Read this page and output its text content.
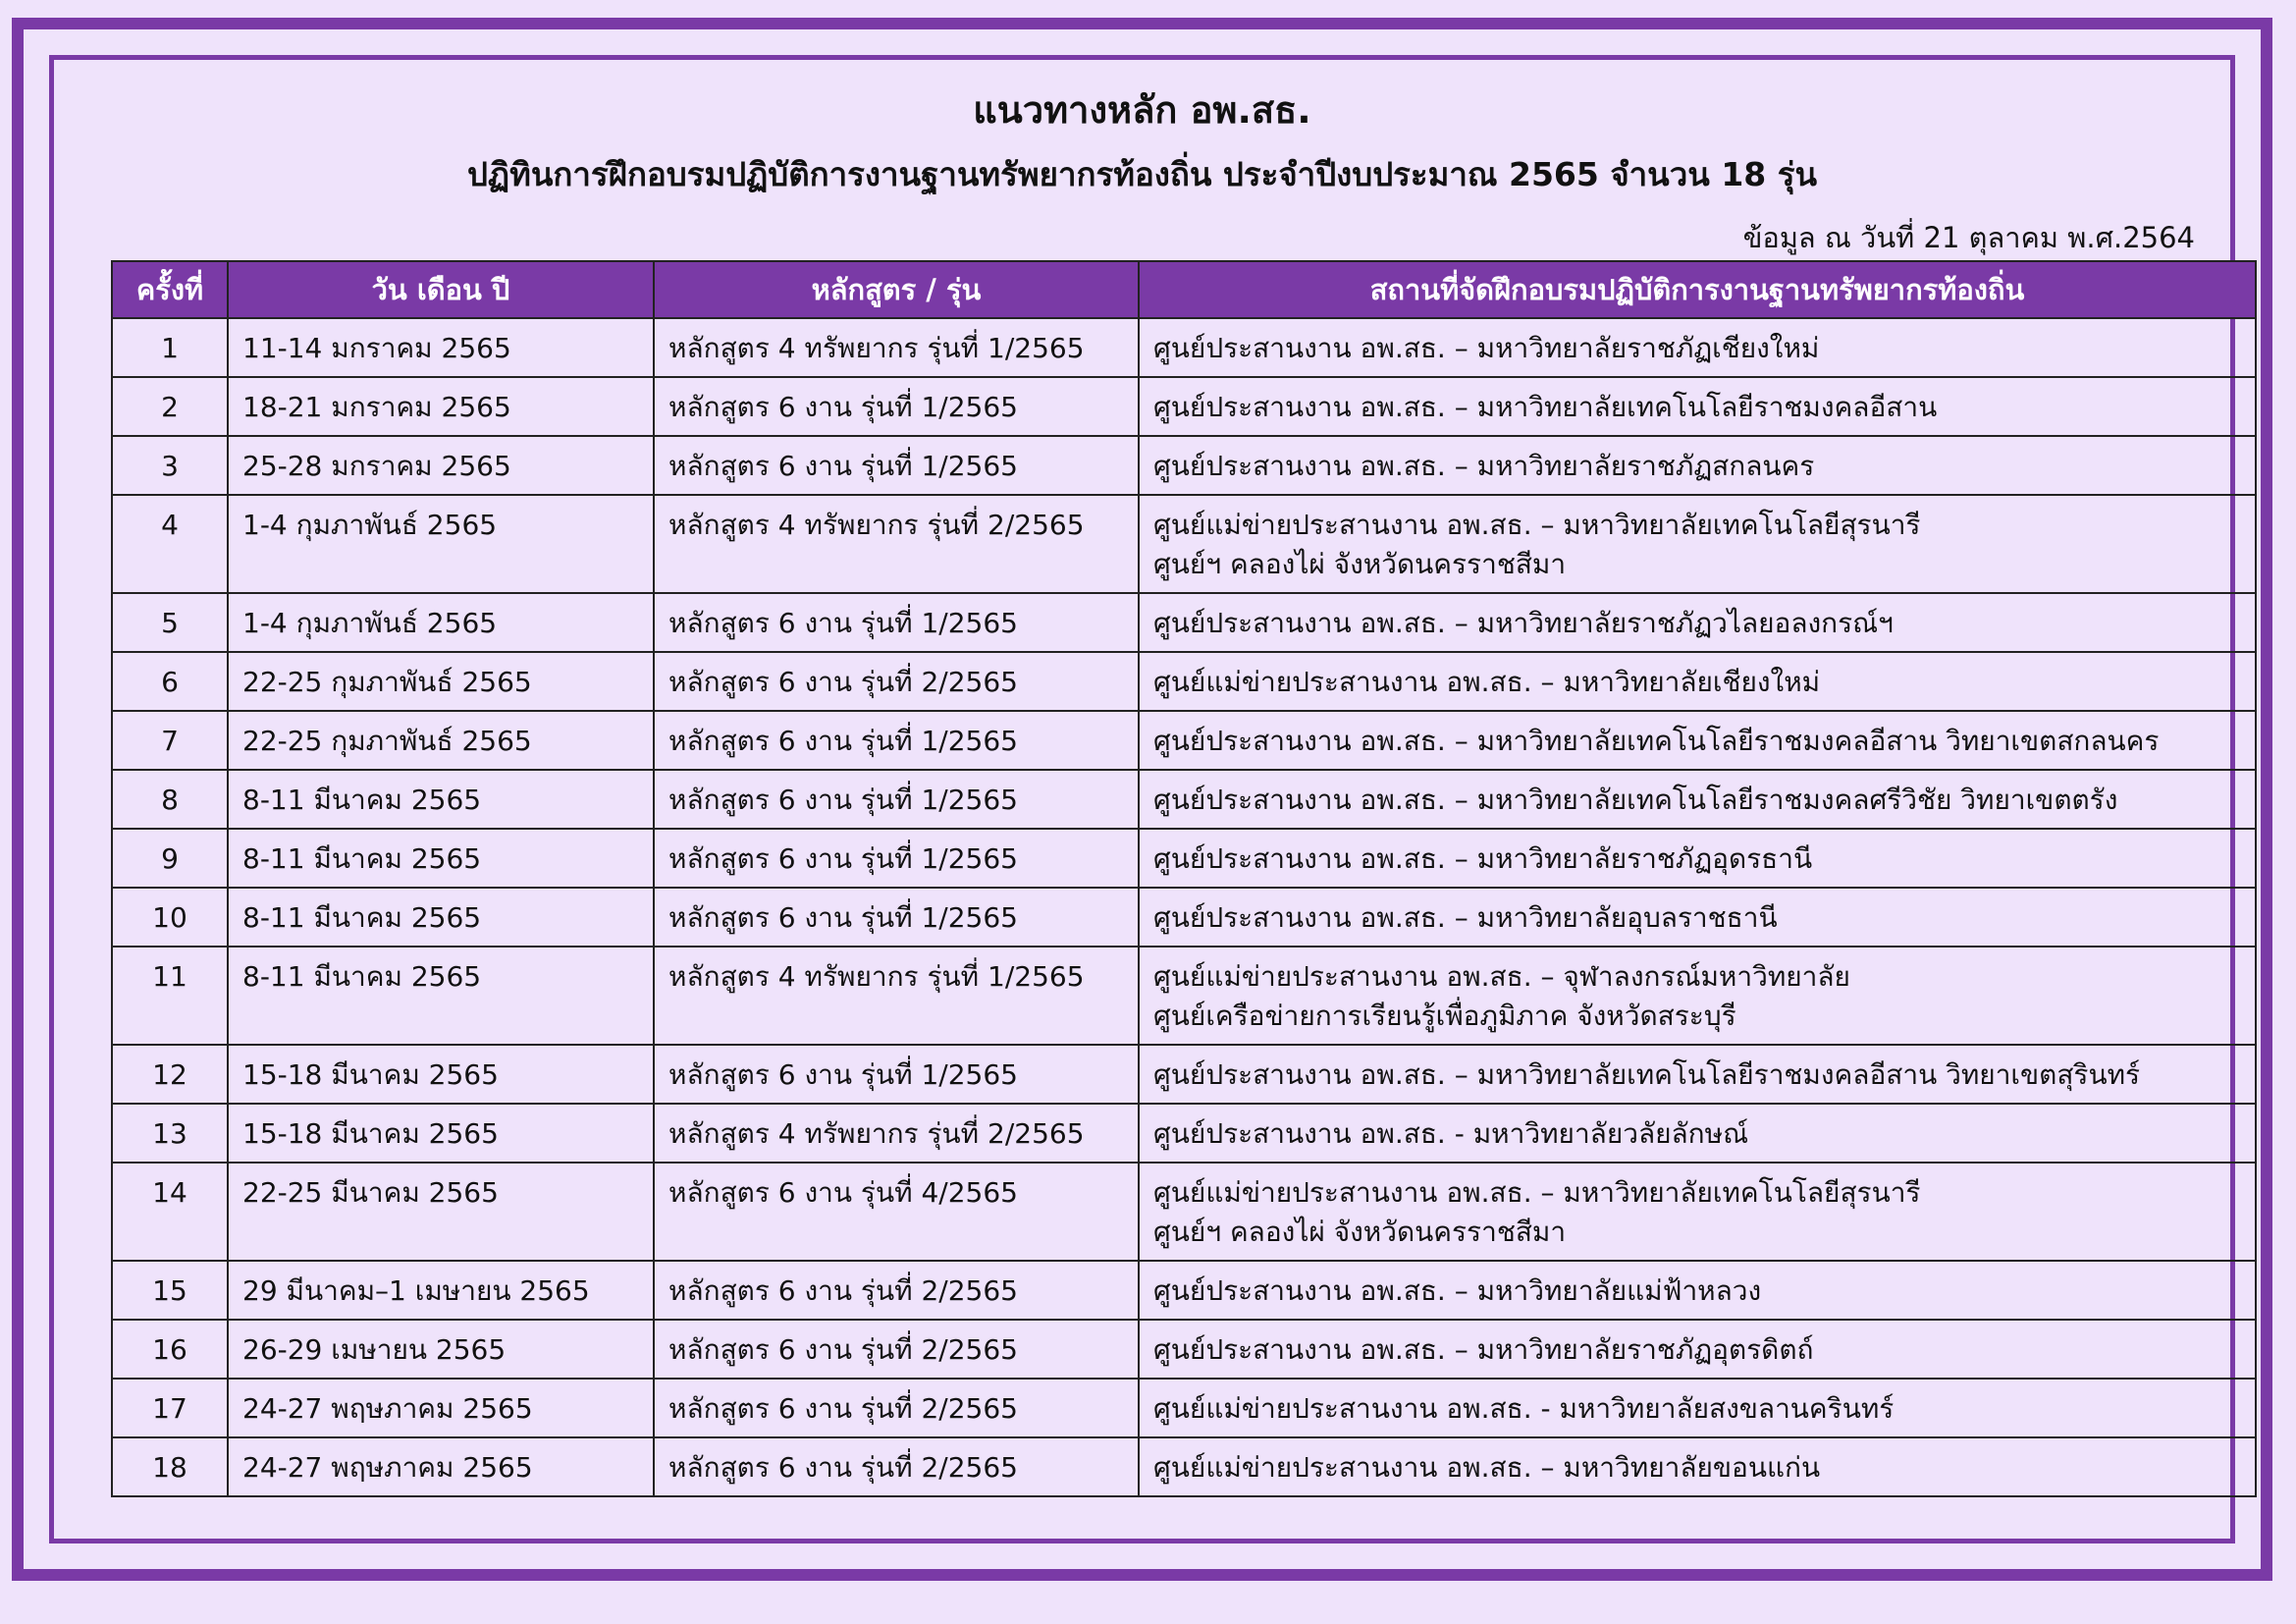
แนวทางหลัก อพ.สธ.
ปฏิทินการฝึกอบรมปฏิบัติการงานฐานทรัพยากรท้องถิ่น ประจำปีงบประมาณ 2565 จำนวน 18 รุ่น
ข้อมูล ณ วันที่ 21 ตุลาคม พ.ศ.2564
ครั้งที่	วัน เดือน ปี	หลักสูตร / รุ่น	สถานที่จัดฝึกอบรมปฏิบัติการงานฐานทรัพยากรท้องถิ่น
1	11-14 มกราคม 2565	หลักสูตร 4 ทรัพยากร รุ่นที่ 1/2565	ศูนย์ประสานงาน อพ.สธ. – มหาวิทยาลัยราชภัฏเชียงใหม่

2	18-21 มกราคม 2565	หลักสูตร 6 งาน รุ่นที่ 1/2565	ศูนย์ประสานงาน อพ.สธ. – มหาวิทยาลัยเทคโนโลยีราชมงคลอีสาน

3	25-28 มกราคม 2565	หลักสูตร 6 งาน รุ่นที่ 1/2565	ศูนย์ประสานงาน อพ.สธ. – มหาวิทยาลัยราชภัฏสกลนคร

4	1-4 กุมภาพันธ์ 2565	หลักสูตร 4 ทรัพยากร รุ่นที่ 2/2565	ศูนย์แม่ข่ายประสานงาน อพ.สธ. – มหาวิทยาลัยเทคโนโลยีสุรนารี
ศูนย์ฯ คลองไผ่ จังหวัดนครราชสีมา

5	1-4 กุมภาพันธ์ 2565	หลักสูตร 6 งาน รุ่นที่ 1/2565	ศูนย์ประสานงาน อพ.สธ. – มหาวิทยาลัยราชภัฏวไลยอลงกรณ์ฯ

6	22-25 กุมภาพันธ์ 2565	หลักสูตร 6 งาน รุ่นที่ 2/2565	ศูนย์แม่ข่ายประสานงาน อพ.สธ. – มหาวิทยาลัยเชียงใหม่

7	22-25 กุมภาพันธ์ 2565	หลักสูตร 6 งาน รุ่นที่ 1/2565	ศูนย์ประสานงาน อพ.สธ. – มหาวิทยาลัยเทคโนโลยีราชมงคลอีสาน วิทยาเขตสกลนคร

8	8-11 มีนาคม 2565	หลักสูตร 6 งาน รุ่นที่ 1/2565	ศูนย์ประสานงาน อพ.สธ. – มหาวิทยาลัยเทคโนโลยีราชมงคลศรีวิชัย วิทยาเขตตรัง

9	8-11 มีนาคม 2565	หลักสูตร 6 งาน รุ่นที่ 1/2565	ศูนย์ประสานงาน อพ.สธ. – มหาวิทยาลัยราชภัฏอุดรธานี

10	8-11 มีนาคม 2565	หลักสูตร 6 งาน รุ่นที่ 1/2565	ศูนย์ประสานงาน อพ.สธ. – มหาวิทยาลัยอุบลราชธานี

11	8-11 มีนาคม 2565	หลักสูตร 4 ทรัพยากร รุ่นที่ 1/2565	ศูนย์แม่ข่ายประสานงาน อพ.สธ. – จุฬาลงกรณ์มหาวิทยาลัย
ศูนย์เครือข่ายการเรียนรู้เพื่อภูมิภาค จังหวัดสระบุรี

12	15-18 มีนาคม 2565	หลักสูตร 6 งาน รุ่นที่ 1/2565	ศูนย์ประสานงาน อพ.สธ. – มหาวิทยาลัยเทคโนโลยีราชมงคลอีสาน วิทยาเขตสุรินทร์

13	15-18 มีนาคม 2565	หลักสูตร 4 ทรัพยากร รุ่นที่ 2/2565	ศูนย์ประสานงาน อพ.สธ. - มหาวิทยาลัยวลัยลักษณ์

14	22-25 มีนาคม 2565	หลักสูตร 6 งาน รุ่นที่ 4/2565	ศูนย์แม่ข่ายประสานงาน อพ.สธ. – มหาวิทยาลัยเทคโนโลยีสุรนารี
ศูนย์ฯ คลองไผ่ จังหวัดนครราชสีมา

15	29 มีนาคม–1 เมษายน 2565	หลักสูตร 6 งาน รุ่นที่ 2/2565	ศูนย์ประสานงาน อพ.สธ. – มหาวิทยาลัยแม่ฟ้าหลวง

16	26-29 เมษายน 2565	หลักสูตร 6 งาน รุ่นที่ 2/2565	ศูนย์ประสานงาน อพ.สธ. – มหาวิทยาลัยราชภัฏอุตรดิตถ์

17	24-27 พฤษภาคม 2565	หลักสูตร 6 งาน รุ่นที่ 2/2565	ศูนย์แม่ข่ายประสานงาน อพ.สธ. - มหาวิทยาลัยสงขลานครินทร์

18	24-27 พฤษภาคม 2565	หลักสูตร 6 งาน รุ่นที่ 2/2565	ศูนย์แม่ข่ายประสานงาน อพ.สธ. – มหาวิทยาลัยขอนแก่น
